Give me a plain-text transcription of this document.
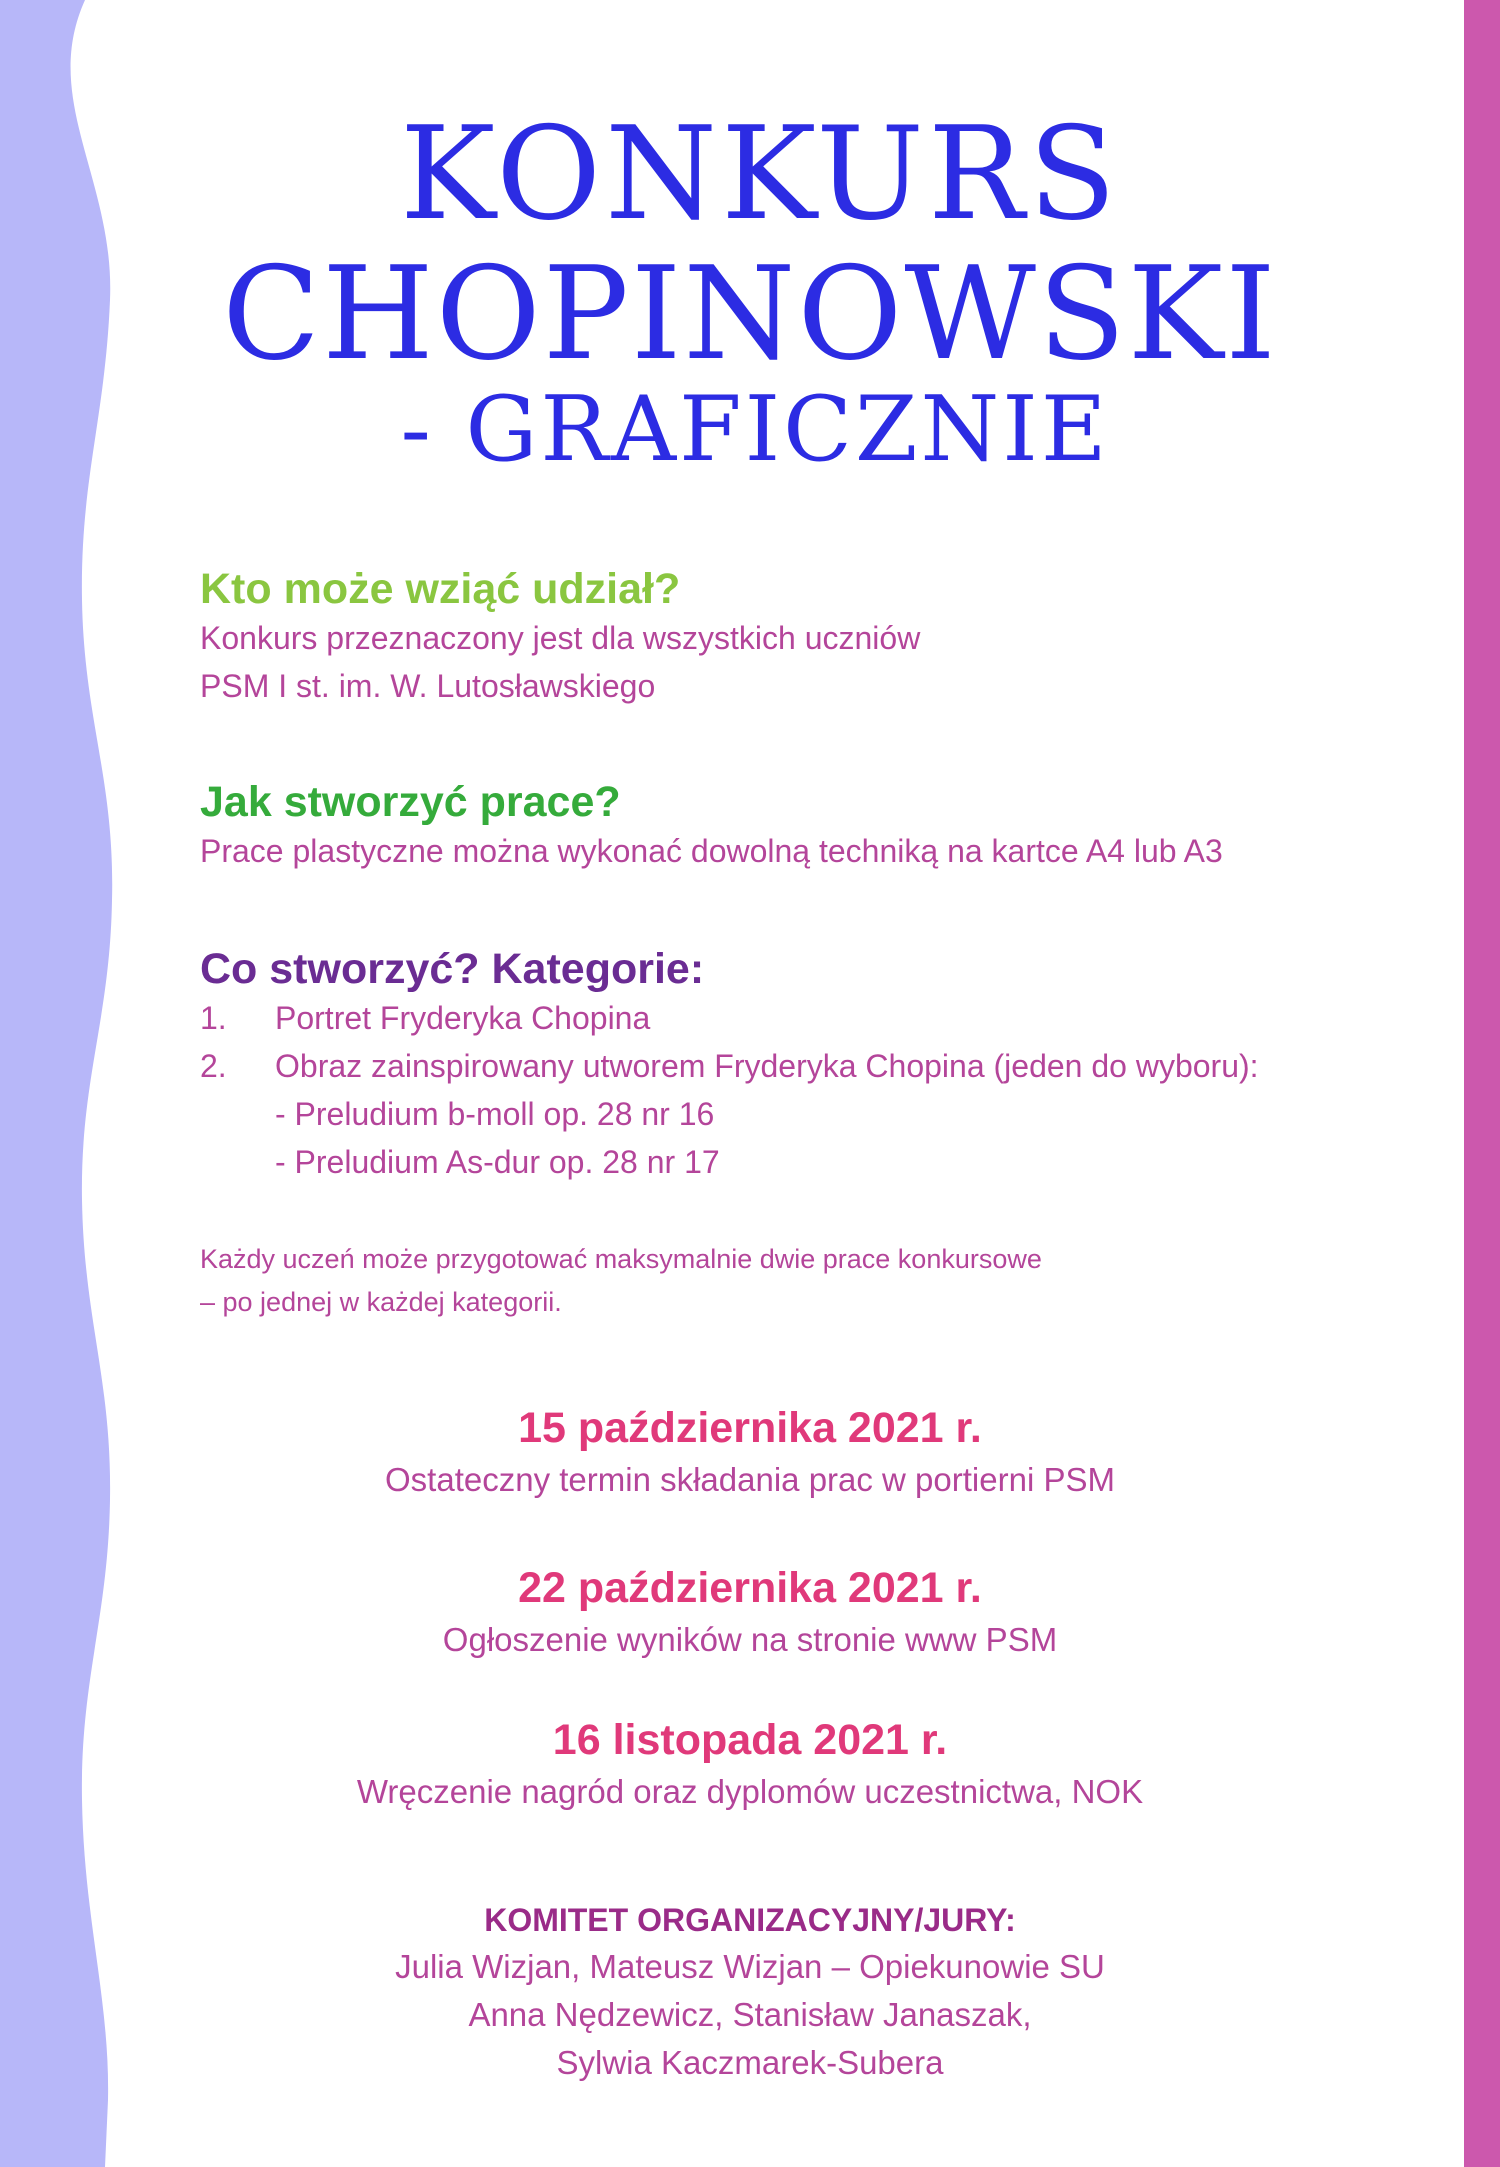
KONKURS
CHOPINOWSKI
- GRAFICZNIE
Kto może wziąć udział?
Konkurs przeznaczony jest dla wszystkich uczniów
PSM I st. im. W. Lutosławskiego
Jak stworzyć prace?
Prace plastyczne można wykonać dowolną techniką na kartce A4 lub A3
Co stworzyć? Kategorie:
1.	Portret Fryderyka Chopina
2.	Obraz zainspirowany utworem Fryderyka Chopina (jeden do wyboru):
- Preludium b-moll op. 28 nr 16
- Preludium As-dur op. 28 nr 17
Każdy uczeń może przygotować maksymalnie dwie prace konkursowe
– po jednej w każdej kategorii.
15 października 2021 r.
Ostateczny termin składania prac w portierni PSM
22 października 2021 r.
Ogłoszenie wyników na stronie www PSM
16 listopada 2021 r.
Wręczenie nagród oraz dyplomów uczestnictwa, NOK
KOMITET ORGANIZACYJNY/JURY:
Julia Wizjan, Mateusz Wizjan – Opiekunowie SU
Anna Nędzewicz, Stanisław Janaszak,
Sylwia Kaczmarek-Subera
